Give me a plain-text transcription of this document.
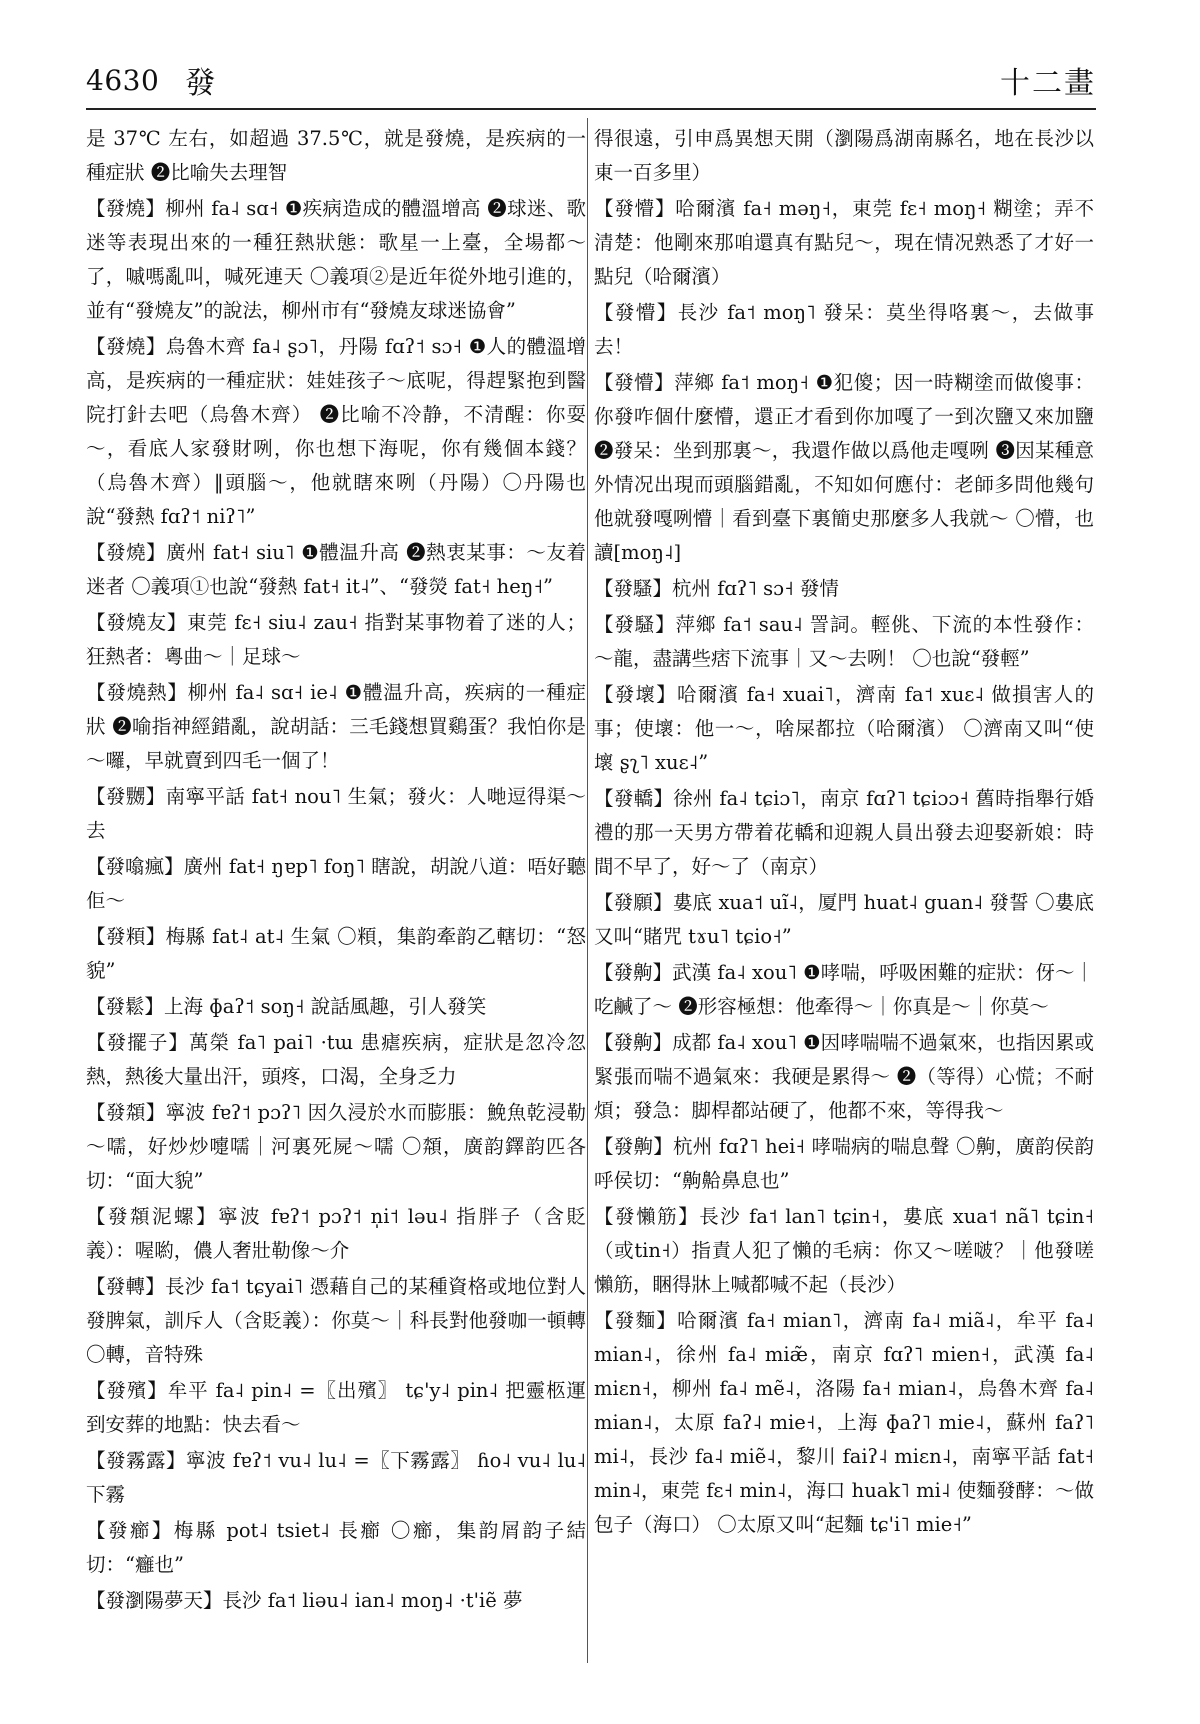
4630 發	十二畫

是 37℃ 左右，如超過 37.5℃，就是發燒，是疾病的一種症狀 ❷比喻失去理智

【發燒】柳州 fa˨ sɑ˧ ❶疾病造成的體溫增高 ❷球迷、歌迷等表現出來的一種狂熱狀態：歌星一上臺，全場都～了，嘁嗎亂叫，喊死連天 〇義項②是近年從外地引進的，並有“發燒友”的說法，柳州市有“發燒友球迷協會”

【發燒】烏魯木齊 fa˨ ʂɔ˥，丹陽 fɑʔ˦ sɔ˧ ❶人的體溫增高，是疾病的一種症狀：娃娃孩子～底呢，得趕緊抱到醫院打針去吧（烏魯木齊） ❷比喻不冷静，不清醒：你耍～，看底人家發財咧，你也想下海呢，你有幾個本錢？（烏魯木齊）‖頭腦～，他就瞎來咧（丹陽）〇丹陽也說“發熱 fɑʔ˦ niʔ˥”

【發燒】廣州 fat˧ siu˥ ❶體温升高 ❷熱衷某事：～友着迷者 〇義項①也說“發熱 fat˧ it˨”、“發熒 fat˧ heŋ˧”

【發燒友】東莞 fɛ˧ siu˨ zau˧ 指對某事物着了迷的人；狂熱者：粵曲～｜足球～

【發燒熱】柳州 fa˨ sɑ˧ ie˨ ❶體温升高，疾病的一種症狀 ❷喻指神經錯亂，說胡話：三毛錢想買鷄蛋？我怕你是～囉，早就賣到四毛一個了！

【發嬲】南寧平話 fat˧ nou˥ 生氣；發火：人哋逗得渠～去

【發噏瘋】廣州 fat˧ ŋɐp˥ foŋ˥ 瞎說，胡說八道：唔好聽佢～

【發頪】梅縣 fat˨ at˨ 生氣 〇頪，集韵牽韵乙轄切：“怒貌”

【發鬆】上海 ɸaʔ˦ soŋ˧ 說話風趣，引人發笑

【發擺子】萬榮 fa˥ pai˥ ·tɯ 患瘧疾病，症狀是忽冷忽熱，熱後大量出汗，頭疼，口渴，全身乏力

【發頮】寧波 fɐʔ˦ pɔʔ˥ 因久浸於水而膨脹：鮸魚乾浸勒～嚅，好炒炒嚏嚅｜河裏死屍～嚅 〇頮，廣韵鐸韵匹各切：“面大貌”

【發頮泥螺】寧波 fɐʔ˦ pɔʔ˦ n̩i˦ lǝu˨ 指胖子（含貶義）：喔喲，儂人奢壯勒像～介

【發轉】長沙 fa˦ tɕyai˥ 憑藉自己的某種資格或地位對人發脾氣，訓斥人（含貶義）：你莫～｜科長對他發咖一頓轉 〇轉，音特殊

【發殯】牟平 fa˨ pin˨ =〖出殯〗 tɕ'y˨ pin˨ 把靈柩運到安葬的地點：快去看～

【發霧露】寧波 fɐʔ˦ vu˨ lu˨ =〖下霧露〗 ɦo˨ vu˨ lu˨ 下霧

【發癤】梅縣 pot˨ tsiet˨ 長癤 〇癤，集韵屑韵子結切：“癰也”

【發瀏陽夢天】長沙 fa˦ liǝu˨ ian˨ moŋ˨ ·t'iẽ 夢

得很遠，引申爲異想天開（瀏陽爲湖南縣名，地在長沙以東一百多里）

【發懵】哈爾濱 fa˧ mǝŋ˧，東莞 fɛ˧ moŋ˧ 糊塗；弄不清楚：他剛來那咱還真有點兒～，現在情况熟悉了才好一點兒（哈爾濱）

【發懵】長沙 fa˦ moŋ˥ 發呆：莫坐得咯裏～，去做事去！

【發懵】萍鄉 fa˦ moŋ˧ ❶犯傻；因一時糊塗而做傻事：你發咋個什麼懵，還正才看到你加嘎了一到次鹽又來加鹽 ❷發呆：坐到那裏～，我還作做以爲他走嘎咧 ❸因某種意外情况出現而頭腦錯亂，不知如何應付：老師多問他幾句他就發嘎咧懵｜看到臺下裏簡史那麼多人我就～ 〇懵，也讀[moŋ˨]

【發騷】杭州 fɑʔ˥ sɔ˧ 發情

【發騷】萍鄉 fa˦ sau˨ 詈詞。輕佻、下流的本性發作：～龍，盡講些痞下流事｜又～去咧！ 〇也說“發輕”

【發壞】哈爾濱 fa˧ xuai˥，濟南 fa˦ xuɛ˨ 做損害人的事；使壞：他一～，啥屎都拉（哈爾濱） 〇濟南又叫“使壞 ʂʅ˥ xuɛ˨”

【發轎】徐州 fa˨ tɕiɔ˥，南京 fɑʔ˥ tɕiɔɔ˧ 舊時指舉行婚禮的那一天男方帶着花轎和迎親人員出發去迎娶新娘：時間不早了，好～了（南京）

【發願】婁底 xua˦ uĩ˨，厦門 huat˨ guan˨ 發誓 〇婁底又叫“賭咒 tɤu˥ tɕio˧”

【發齁】武漢 fa˨ xou˥ ❶哮喘，呼吸困難的症狀：伢～｜吃鹹了～ ❷形容極想：他牽得～｜你真是～｜你莫～

【發齁】成都 fa˨ xou˥ ❶因哮喘喘不過氣來，也指因累或緊張而喘不過氣來：我硬是累得～ ❷（等得）心慌；不耐煩；發急：脚桿都站硬了，他都不來，等得我～

【發齁】杭州 fɑʔ˥ hei˧ 哮喘病的喘息聲 〇齁，廣韵侯韵呼侯切：“齁䶎鼻息也”

【發懶筋】長沙 fa˦ lan˥ tɕin˧，婁底 xua˦ nã˥ tɕin˧（或tin˧）指責人犯了懶的毛病：你又～嗟啵？｜他發嗟懶筋，睏得牀上喊都喊不起（長沙）

【發麵】哈爾濱 fa˧ mian˥，濟南 fa˨ miã˨，牟平 fa˨ mian˨，徐州 fa˨ miæ̃，南京 fɑʔ˥ mien˧，武漢 fa˨ miɛn˧，柳州 fa˨ mẽ˨，洛陽 fa˧ mian˨，烏魯木齊 fa˨ mian˨，太原 faʔ˨ mie˧，上海 ɸaʔ˥ mie˨，蘇州 faʔ˥ mi˨，長沙 fa˨ miẽ˨，黎川 faiʔ˨ miɛn˨，南寧平話 fat˧ min˨，東莞 fɛ˧ min˨，海口 huak˥ mi˨ 使麵發酵：～做包子（海口） 〇太原又叫“起麵 tɕ'i˥ mie˧”
